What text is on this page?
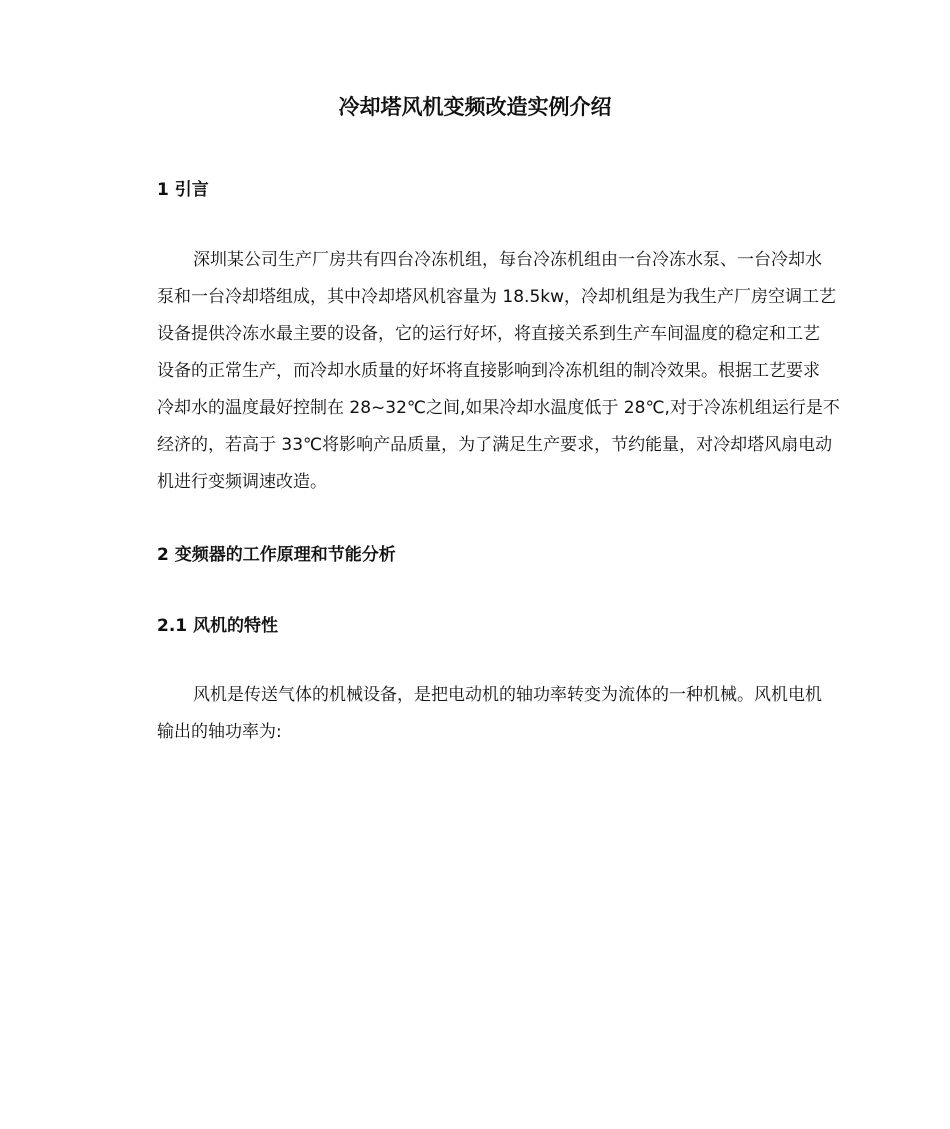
冷却塔风机变频改造实例介绍
1 引言
深圳某公司生产厂房共有四台冷冻机组，每台冷冻机组由一台冷冻水泵、一台冷却水
泵和一台冷却塔组成，其中冷却塔风机容量为 18.5kw，冷却机组是为我生产厂房空调工艺
设备提供冷冻水最主要的设备，它的运行好坏，将直接关系到生产车间温度的稳定和工艺
设备的正常生产，而冷却水质量的好坏将直接影响到冷冻机组的制冷效果。根据工艺要求
冷却水的温度最好控制在 28~32℃之间,如果冷却水温度低于 28℃,对于冷冻机组运行是不
经济的，若高于 33℃将影响产品质量，为了满足生产要求，节约能量，对冷却塔风扇电动
机进行变频调速改造。
2 变频器的工作原理和节能分析
2.1 风机的特性
风机是传送气体的机械设备，是把电动机的轴功率转变为流体的一种机械。风机电机
输出的轴功率为:
